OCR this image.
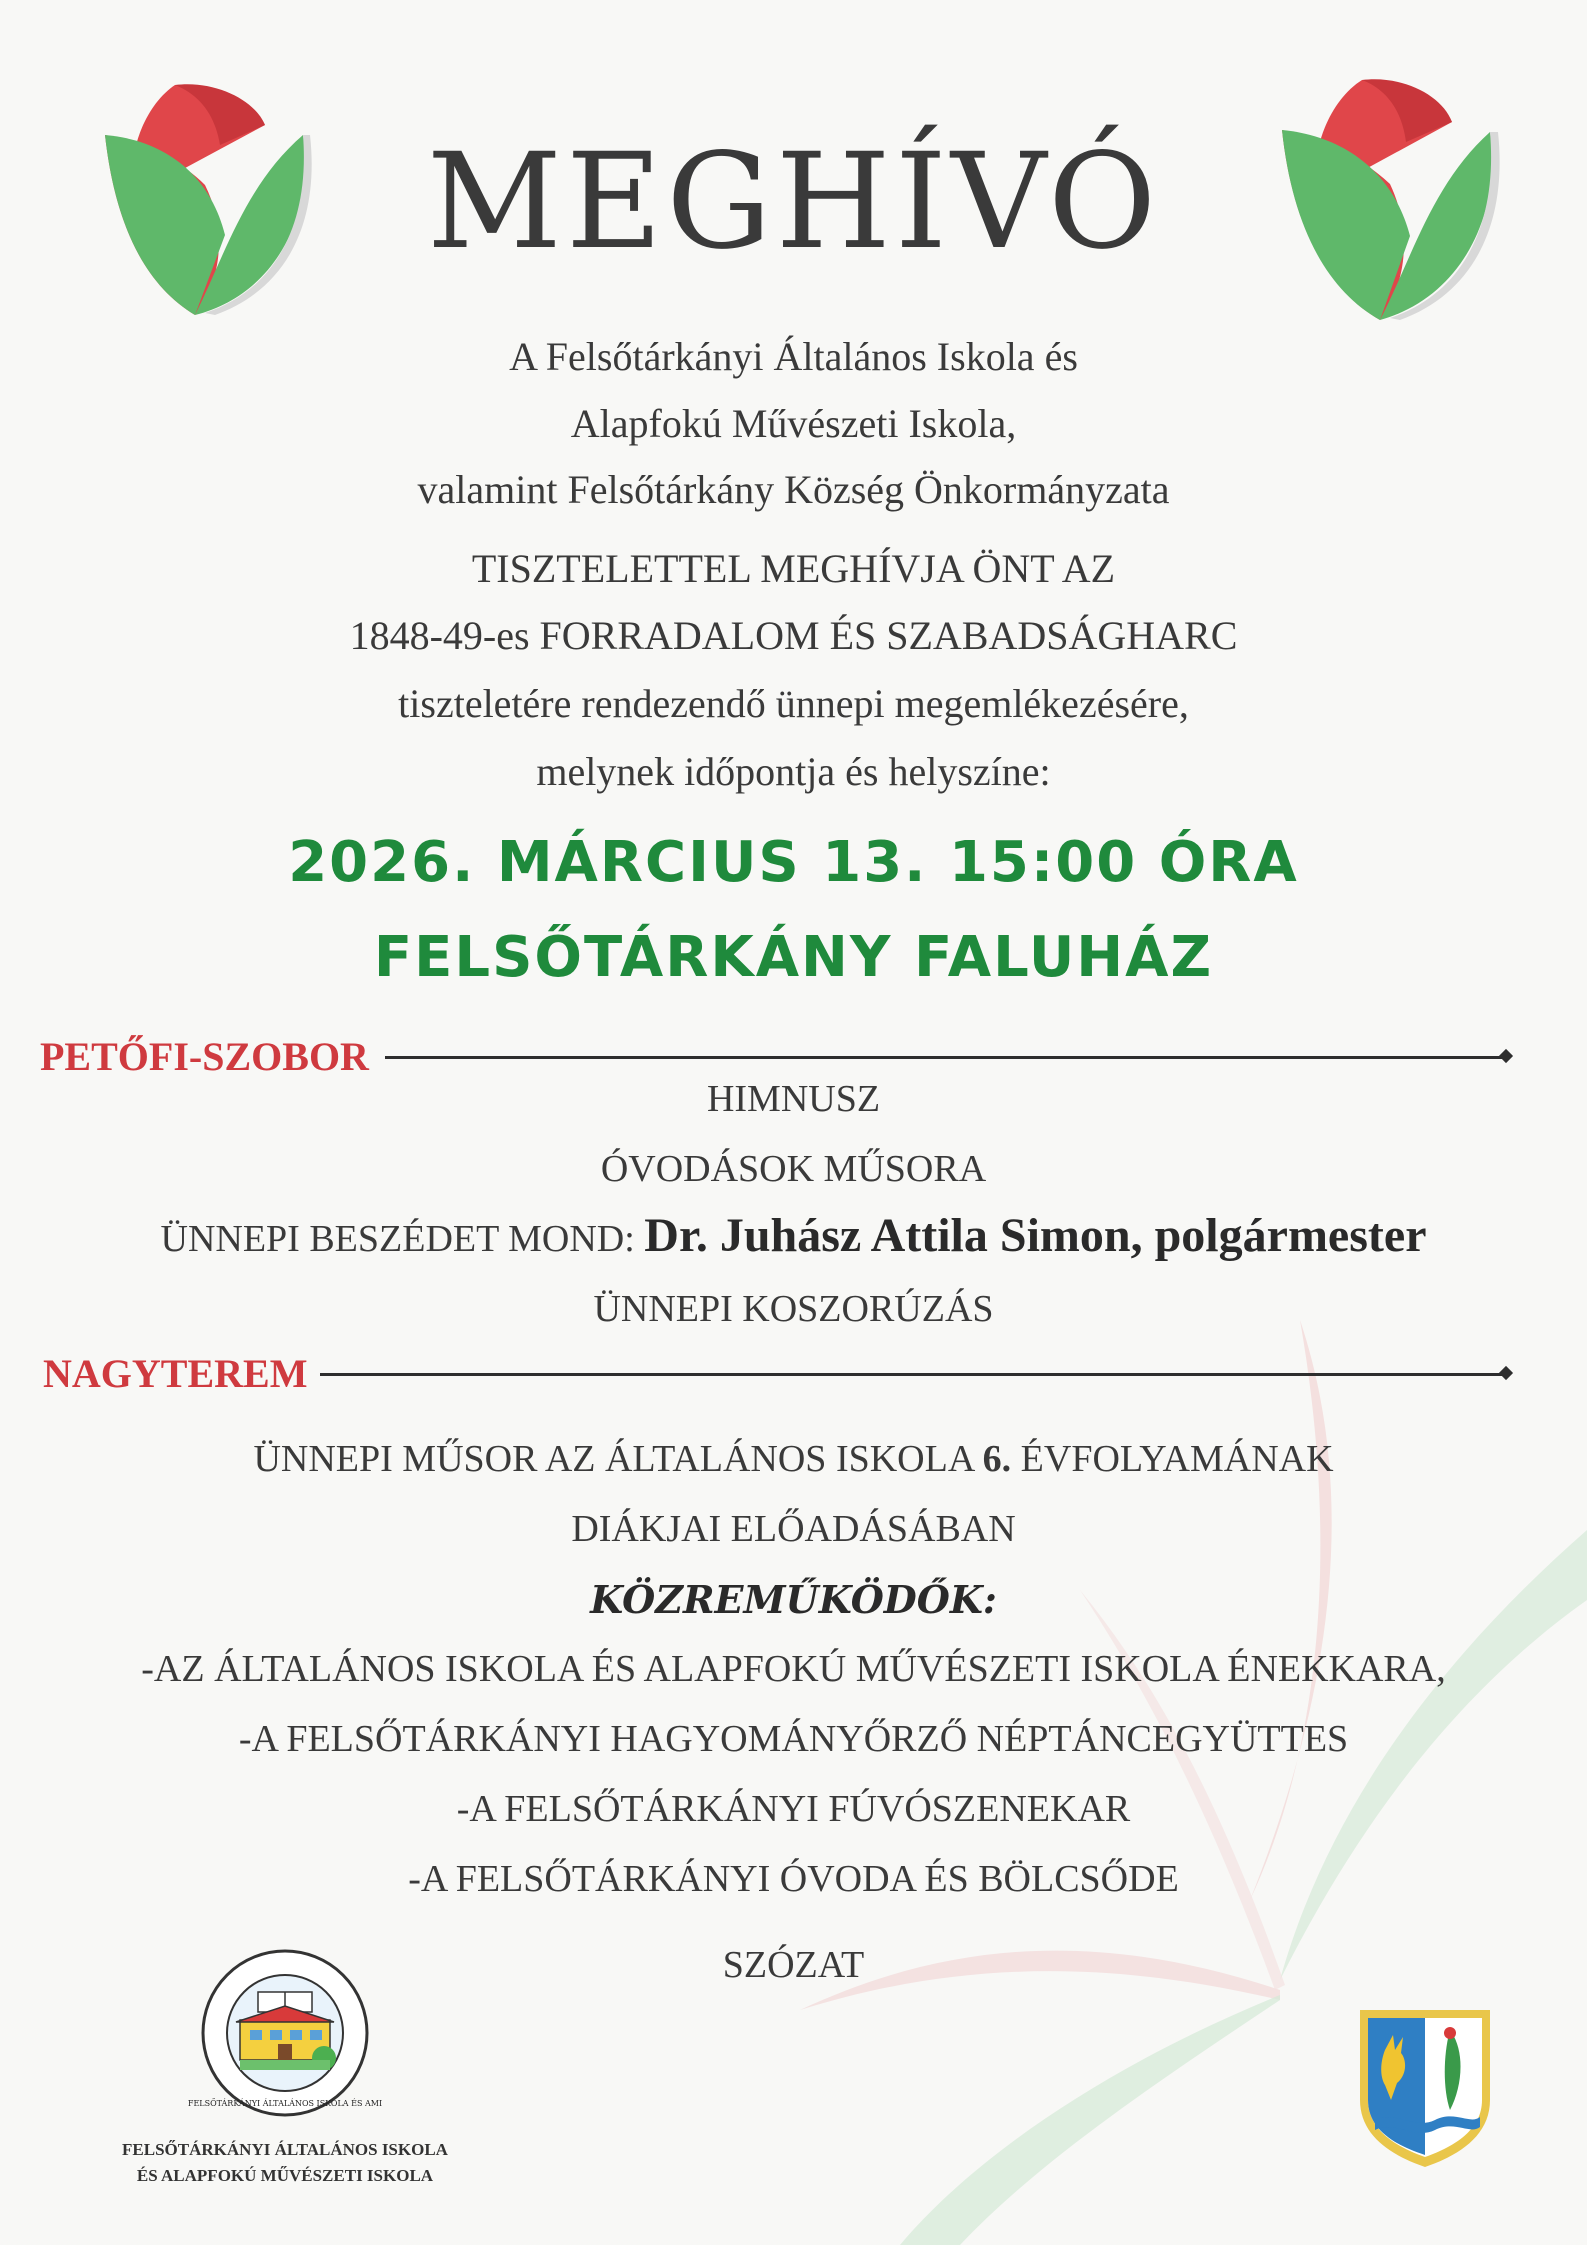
MEGHÍVÓ
A Felsőtárkányi Általános Iskola és
Alapfokú Művészeti Iskola,
valamint Felsőtárkány Község Önkormányzata
TISZTELETTEL MEGHÍVJA ÖNT AZ
1848-49-es FORRADALOM ÉS SZABADSÁGHARC
tiszteletére rendezendő ünnepi megemlékezésére,
melynek időpontja és helyszíne:
2026. MÁRCIUS 13. 15:00 ÓRA
FELSŐTÁRKÁNY FALUHÁZ
PETŐFI-SZOBOR
HIMNUSZ
ÓVODÁSOK MŰSORA
ÜNNEPI BESZÉDET MOND: Dr. Juhász Attila Simon, polgármester
ÜNNEPI KOSZORÚZÁS
NAGYTEREM
ÜNNEPI MŰSOR AZ ÁLTALÁNOS ISKOLA 6. ÉVFOLYAMÁNAK
DIÁKJAI ELŐADÁSÁBAN
KÖZREMŰKÖDŐK:
-AZ ÁLTALÁNOS ISKOLA ÉS ALAPFOKÚ MŰVÉSZETI ISKOLA ÉNEKKARA,
-A FELSŐTÁRKÁNYI HAGYOMÁNYŐRZŐ NÉPTÁNCEGYÜTTES
-A FELSŐTÁRKÁNYI FÚVÓSZENEKAR
-A FELSŐTÁRKÁNYI ÓVODA ÉS BÖLCSŐDE
SZÓZAT
FELSŐTÁRKÁNYI ÁLTALÁNOS ISKOLA ÉS AMI
FELSŐTÁRKÁNYI ÁLTALÁNOS ISKOLA
ÉS ALAPFOKÚ MŰVÉSZETI ISKOLA
